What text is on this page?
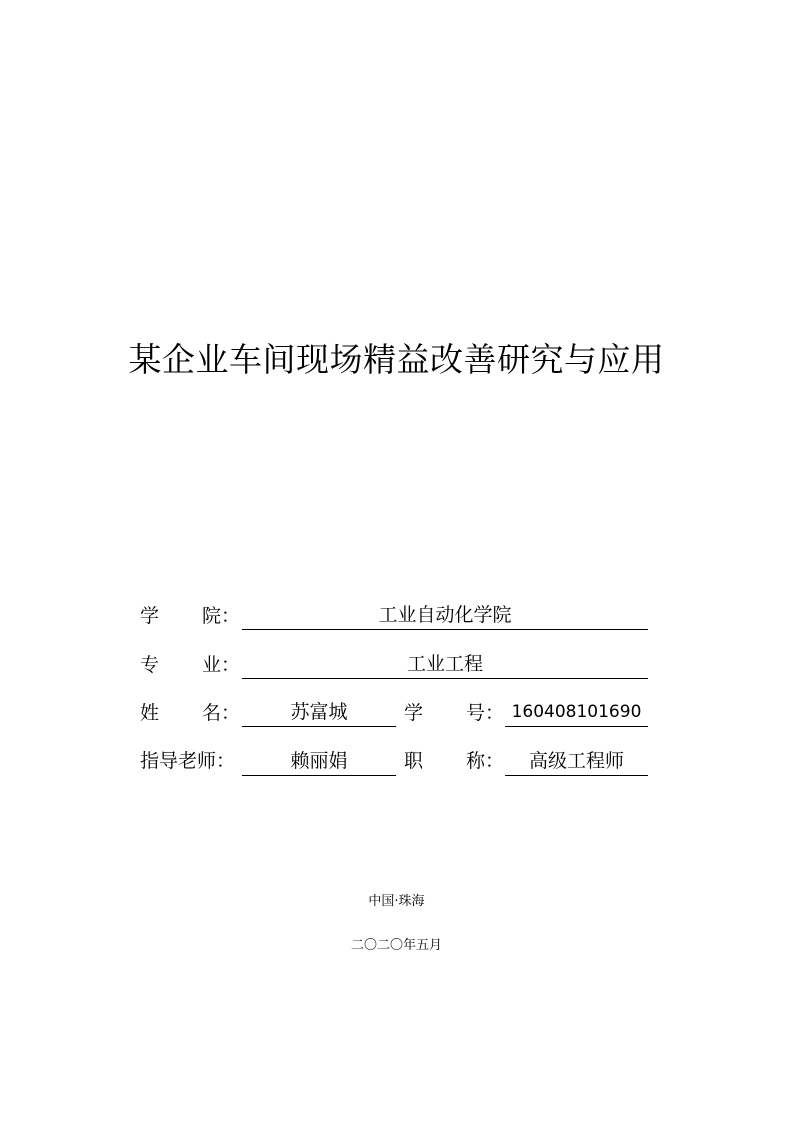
某企业车间现场精益改善研究与应用
学 院：	工业自动化学院
专 业：	工业工程
姓 名：	苏富城	学 号： 160408101690
指导老师：	赖丽娟	职 称：	高级工程师
中国·珠海
二〇二〇年五月
